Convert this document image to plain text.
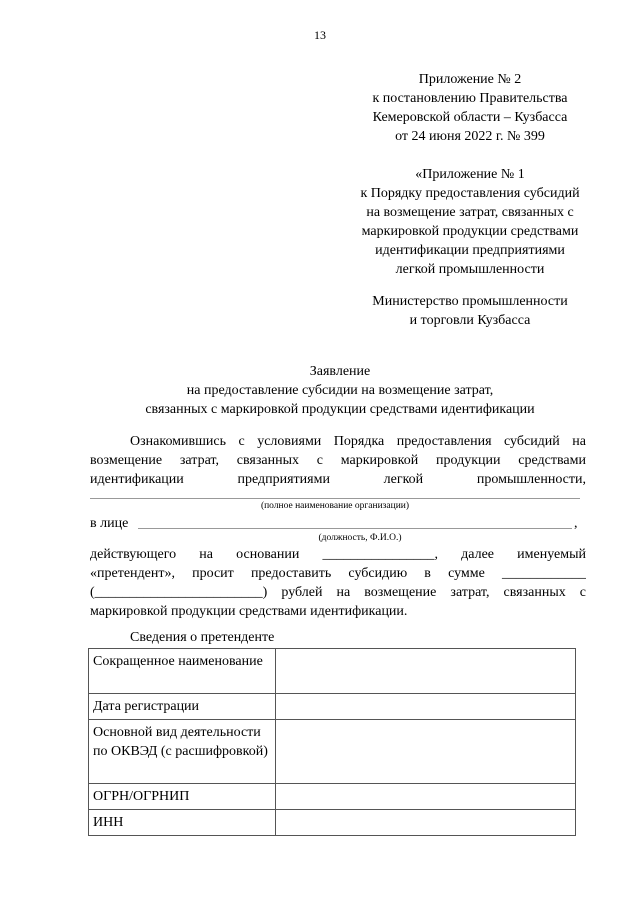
13
Приложение № 2
к постановлению Правительства
Кемеровской области – Кузбасса
от 24 июня 2022 г. № 399
«Приложение № 1
к Порядку предоставления субсидий
на возмещение затрат, связанных с
маркировкой продукции средствами
идентификации предприятиями
легкой промышленности
Министерство промышленности
и торговли Кузбасса
Заявление
на предоставление субсидии на возмещение затрат,
связанных с маркировкой продукции средствами идентификации
Ознакомившись с условиями Порядка предоставления субсидий на
возмещение затрат, связанных с маркировкой продукции средствами
идентификации предприятиями легкой промышленности,
(полное наименование организации)
в лице	,
(должность, Ф.И.О.)
действующего на основании ________________, далее именуемый
«претендент», просит предоставить субсидию в сумме ____________
(________________________) рублей на возмещение затрат, связанных с
маркировкой продукции средствами идентификации.
Сведения о претенденте
Сокращенное наименование	
Дата регистрации	
Основной вид деятельности по ОКВЭД (с расшифровкой)	
ОГРН/ОГРНИП	
ИНН	
